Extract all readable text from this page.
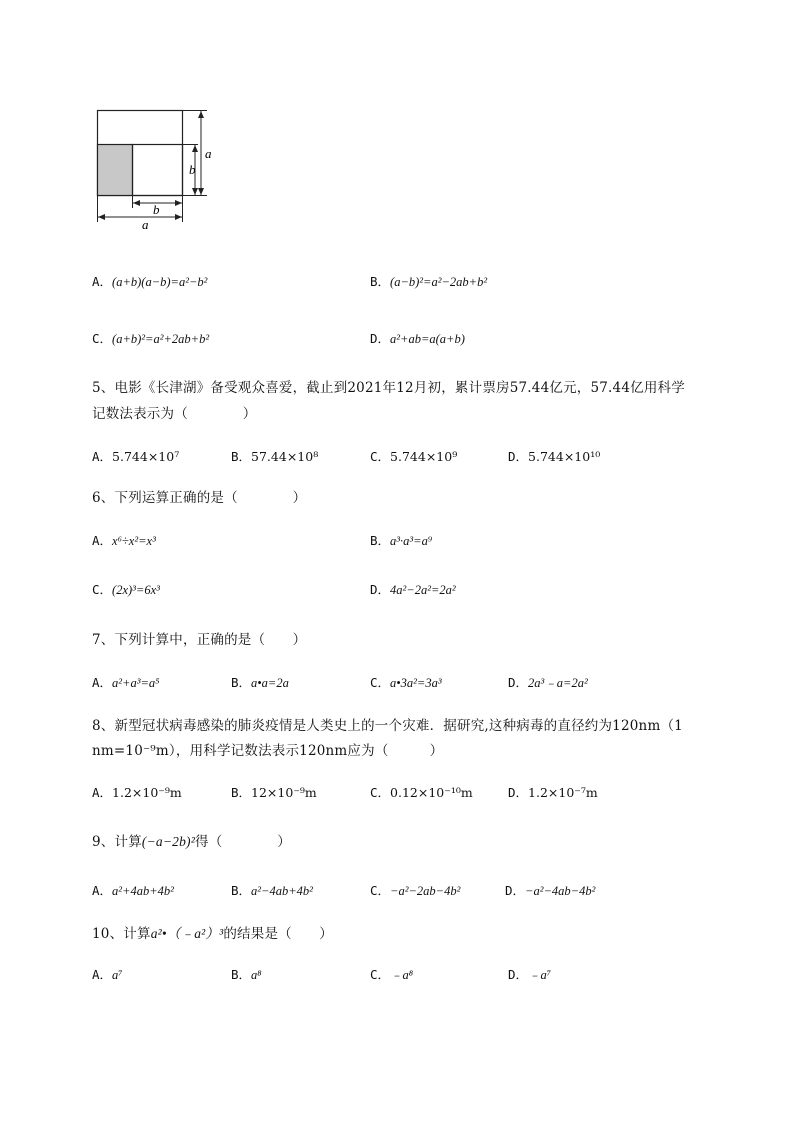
a
b
b
a
A．(a+b)(a−b)=a²−b²	B．(a−b)²=a²−2ab+b²
C．(a+b)²=a²+2ab+b²	D．a²+ab=a(a+b)
5、电影《长津湖》备受观众喜爱，截止到2021年12月初，累计票房57.44亿元，57.44亿用科学
记数法表示为（　　　　）
A．5.744×10⁷	B．57.44×10⁸	C．5.744×10⁹	D．5.744×10¹⁰
6、下列运算正确的是（　　　　）
A．x⁶÷x²=x³	B．a³·a³=a⁹
C．(2x)³=6x³	D．4a²−2a²=2a²
7、下列计算中，正确的是（　　）
A．a²+a³=a⁵	B．a•a=2a	C．a•3a²=3a³	D．2a³﹣a=2a²
8、新型冠状病毒感染的肺炎疫情是人类史上的一个灾难．据研究,这种病毒的直径约为120nm（1
nm=10⁻⁹m），用科学记数法表示120nm应为（　　　）
A．1.2×10⁻⁹m	B．12×10⁻⁹m	C．0.12×10⁻¹⁰m	D．1.2×10⁻⁷m
9、计算(−a−2b)²得（　　　　）
A．a²+4ab+4b²	B．a²−4ab+4b²	C．−a²−2ab−4b²	D．−a²−4ab−4b²
10、计算a²•（﹣a²）³的结果是（　　）
A．a⁷	B．a⁸	C．﹣a⁸	D．﹣a⁷
